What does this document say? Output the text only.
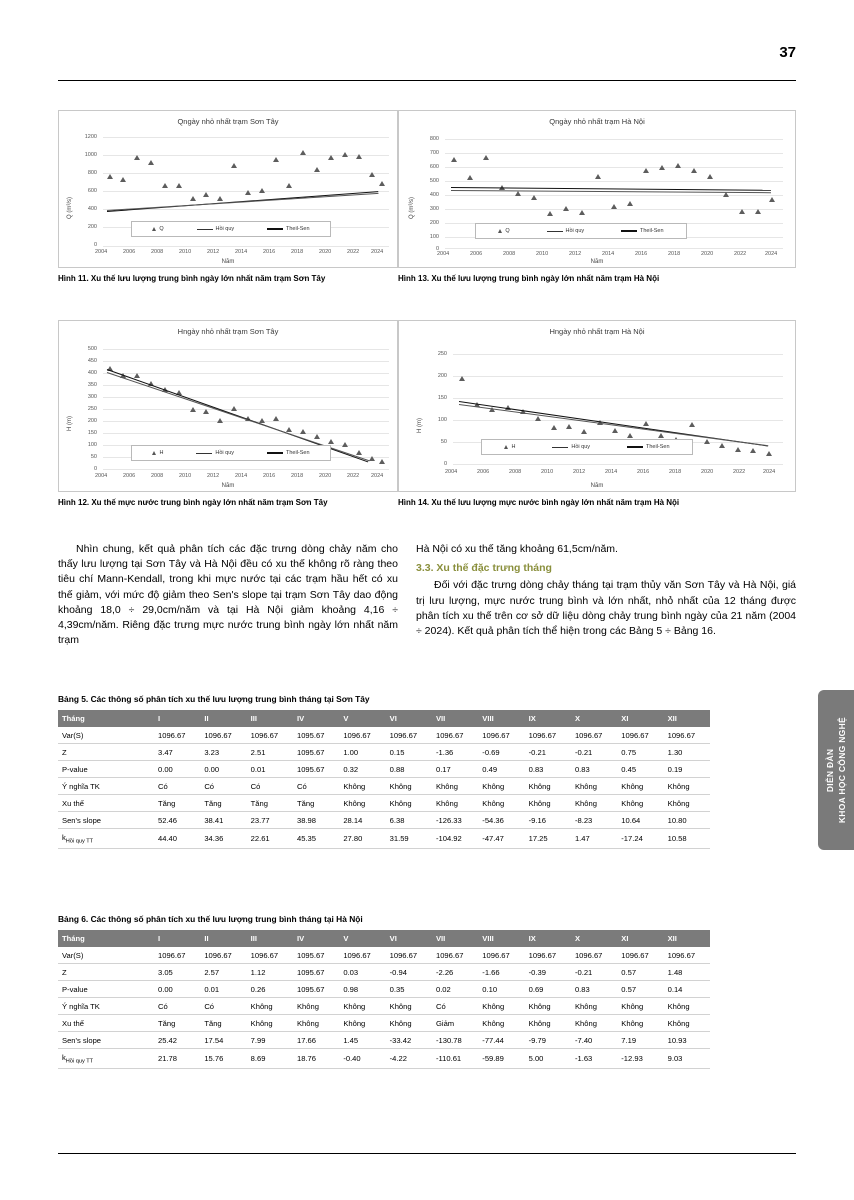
37
DIỄN ĐÀN KHOA HỌC CÔNG NGHỆ
Qngày nhỏ nhất trạm Sơn Tây
Q (m³/s)
1200
1000
800
600
400
200
0
Q	Hồi quy	Theil-Sen
2004	2006	2008	2010	2012	2014	2016	2018	2020	2022 2024
Năm
Hình 11. Xu thế lưu lượng trung bình ngày lớn nhất năm trạm Sơn Tây
Qngày nhỏ nhất trạm Hà Nội
Q (m³/s)
800
700
600
500
400
300
200
100
0
Q	Hồi quy	Theil-Sen
2004	2006	2008	2010	2012	2014	2016	2018	2020	2022	2024
Năm
Hình 13. Xu thế lưu lượng trung bình ngày lớn nhất năm trạm Hà Nội
Hngày nhỏ nhất trạm Sơn Tây
H (m)
500
450
400
350
300
250
200
150
100
50
0
H	Hồi quy	Theil-Sen
2004	2006	2008	2010	2012	2014	2016	2018	2020	2022 2024
Năm
Hình 12. Xu thế mực nước trung bình ngày lớn nhất năm trạm Sơn Tây
Hngày nhỏ nhất trạm Hà Nội
H (m)
250
200
150
100
50
0
H	Hồi quy	Theil-Sen
2004	2006	2008	2010	2012	2014	2016	2018	2020	2022	2024
Năm
Hình 14. Xu thế lưu lượng mực nước bình ngày lớn nhất năm trạm Hà Nội

Nhìn chung, kết quả phân tích các đặc trưng dòng chảy năm cho thấy lưu lượng tại Sơn Tây và Hà Nội đều có xu thế không rõ ràng theo tiêu chí Mann-Kendall, trong khi mực nước tại các trạm hầu hết có xu thế giảm, với mức độ giảm theo Sen's slope tại trạm Sơn Tây dao động khoảng 18,0 ÷ 29,0cm/năm và tại Hà Nội giảm khoảng 4,16 ÷ 4,39cm/năm. Riêng đặc trưng mực nước trung bình ngày lớn nhất năm trạm

Hà Nội có xu thế tăng khoảng 61,5cm/năm.

3.3. Xu thế đặc trưng tháng

Đối với đặc trưng dòng chảy tháng tại trạm thủy văn Sơn Tây và Hà Nội, giá trị lưu lượng, mực nước trung bình và lớn nhất, nhỏ nhất của 12 tháng được phân tích xu thế trên cơ sở dữ liệu dòng chảy trung bình ngày của 21 năm (2004 ÷ 2024). Kết quả phân tích thể hiện trong các Bảng 5 ÷ Bảng 16.

Bảng 5. Các thông số phân tích xu thế lưu lượng trung bình tháng tại Sơn Tây
Tháng	I	II	III	IV	V	VI	VII	VIII	IX	X	XI	XII
Var(S)	1096.67	1096.67	1096.67	1095.67	1096.67	1096.67	1096.67	1096.67	1096.67	1096.67	1096.67	1096.67
Z	3.47	3.23	2.51	1095.67	1.00	0.15	-1.36	-0.69	-0.21	-0.21	0.75	1.30
P-value	0.00	0.00	0.01	1095.67	0.32	0.88	0.17	0.49	0.83	0.83	0.45	0.19
Ý nghĩa TK	Có	Có	Có	Có	Không	Không	Không	Không	Không	Không	Không	Không
Xu thế	Tăng	Tăng	Tăng	Tăng	Không	Không	Không	Không	Không	Không	Không	Không
Sen's slope	52.46	38.41	23.77	38.98	28.14	6.38	-126.33	-54.36	-9.16	-8.23	10.64	10.80
$k_{Hồi quy TT}$	44.40	34.36	22.61	45.35	27.80	31.59	-104.92	-47.47	17.25	1.47	-17.24	10.58
Bảng 6. Các thông số phân tích xu thế lưu lượng trung bình tháng tại Hà Nội
Tháng	I	II	III	IV	V	VI	VII	VIII	IX	X	XI	XII
Var(S)	1096.67	1096.67	1096.67	1095.67	1096.67	1096.67	1096.67	1096.67	1096.67	1096.67	1096.67	1096.67
Z	3.05	2.57	1.12	1095.67	0.03	-0.94	-2.26	-1.66	-0.39	-0.21	0.57	1.48
P-value	0.00	0.01	0.26	1095.67	0.98	0.35	0.02	0.10	0.69	0.83	0.57	0.14
Ý nghĩa TK	Có	Có	Không	Không	Không	Không	Có	Không	Không	Không	Không	Không
Xu thế	Tăng	Tăng	Không	Không	Không	Không	Giảm	Không	Không	Không	Không	Không
Sen's slope	25.42	17.54	7.99	17.66	1.45	-33.42	-130.78	-77.44	-9.79	-7.40	7.19	10.93
$k_{Hồi quy TT}$	21.78	15.76	8.69	18.76	-0.40	-4.22	-110.61	-59.89	5.00	-1.63	-12.93	9.03
